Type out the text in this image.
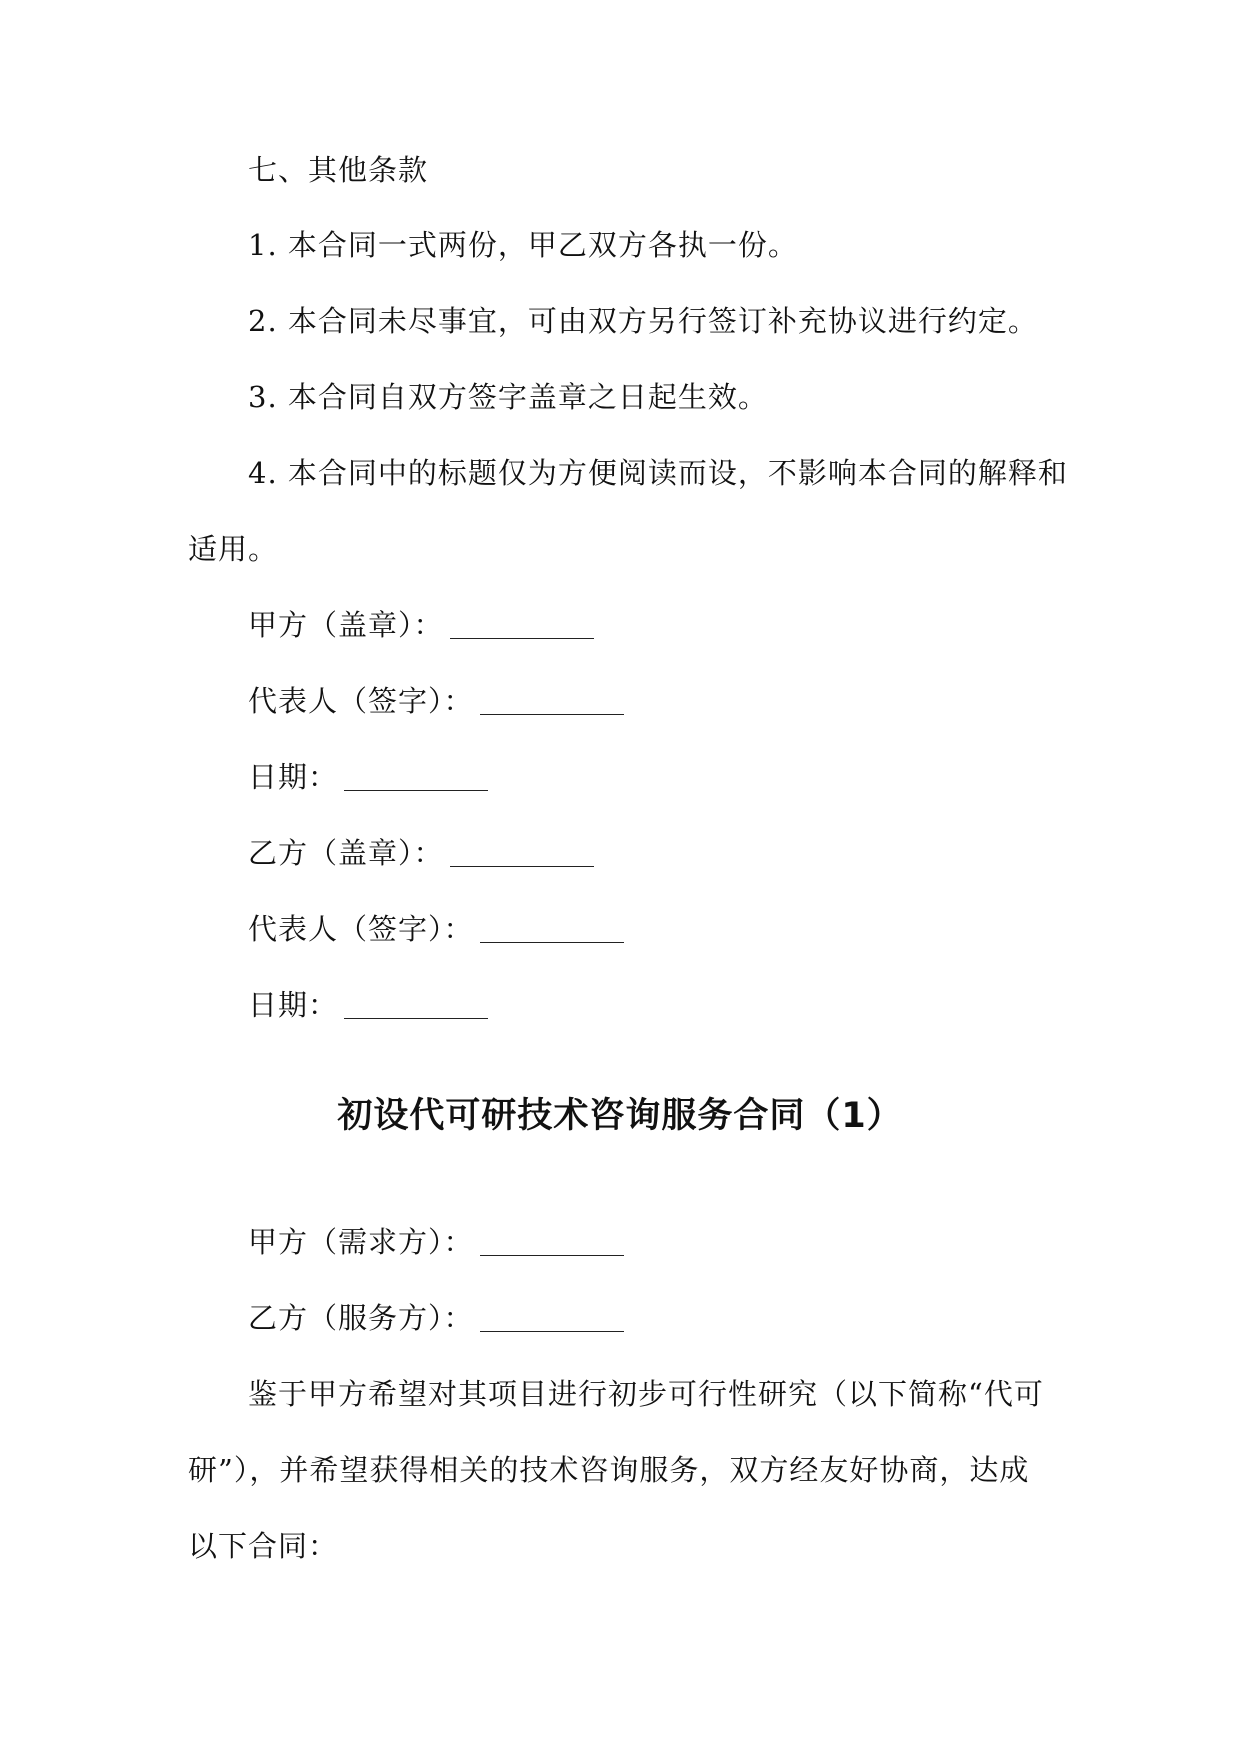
七、其他条款
1. 本合同一式两份，甲乙双方各执一份。
2. 本合同未尽事宜，可由双方另行签订补充协议进行约定。
3. 本合同自双方签字盖章之日起生效。
4. 本合同中的标题仅为方便阅读而设，不影响本合同的解释和
适用。
甲方（盖章）：
代表人（签字）：
日期：
乙方（盖章）：
代表人（签字）：
日期：
初设代可研技术咨询服务合同（1）
甲方（需求方）：
乙方（服务方）：
鉴于甲方希望对其项目进行初步可行性研究（以下简称“代可
研”），并希望获得相关的技术咨询服务，双方经友好协商，达成
以下合同：
